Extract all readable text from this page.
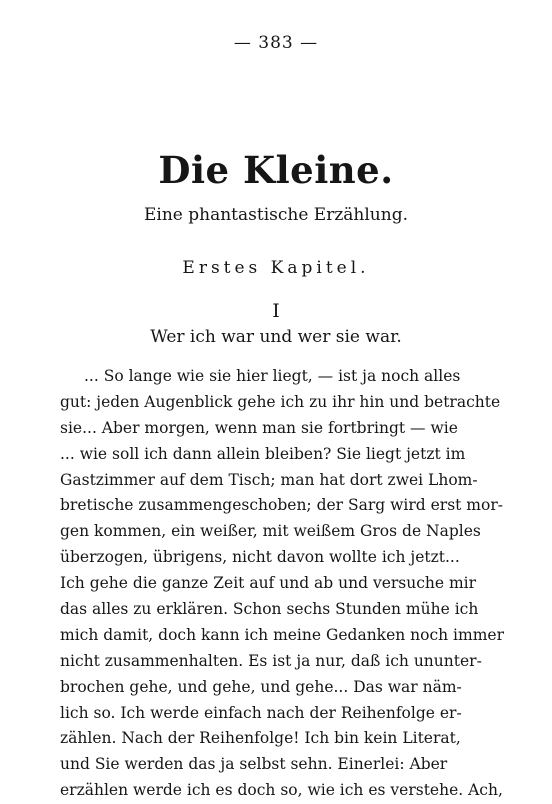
— 383 —
Die Kleine.
Eine phantastische Erzählung.
Erstes Kapitel.
I
Wer ich war und wer sie war.
... So lange wie sie hier liegt, — ist ja noch alles
gut: jeden Augenblick gehe ich zu ihr hin und betrachte
sie... Aber morgen, wenn man sie fortbringt — wie
... wie soll ich dann allein bleiben? Sie liegt jetzt im
Gastzimmer auf dem Tisch; man hat dort zwei Lhom-
bretische zusammengeschoben; der Sarg wird erst mor-
gen kommen, ein weißer, mit weißem Gros de Naples
überzogen, übrigens, nicht davon wollte ich jetzt...
Ich gehe die ganze Zeit auf und ab und versuche mir
das alles zu erklären. Schon sechs Stunden mühe ich
mich damit, doch kann ich meine Gedanken noch immer
nicht zusammenhalten. Es ist ja nur, daß ich ununter-
brochen gehe, und gehe, und gehe... Das war näm-
lich so. Ich werde einfach nach der Reihenfolge er-
zählen. Nach der Reihenfolge! Ich bin kein Literat,
und Sie werden das ja selbst sehn. Einerlei: Aber
erzählen werde ich es doch so, wie ich es verstehe. Ach,
